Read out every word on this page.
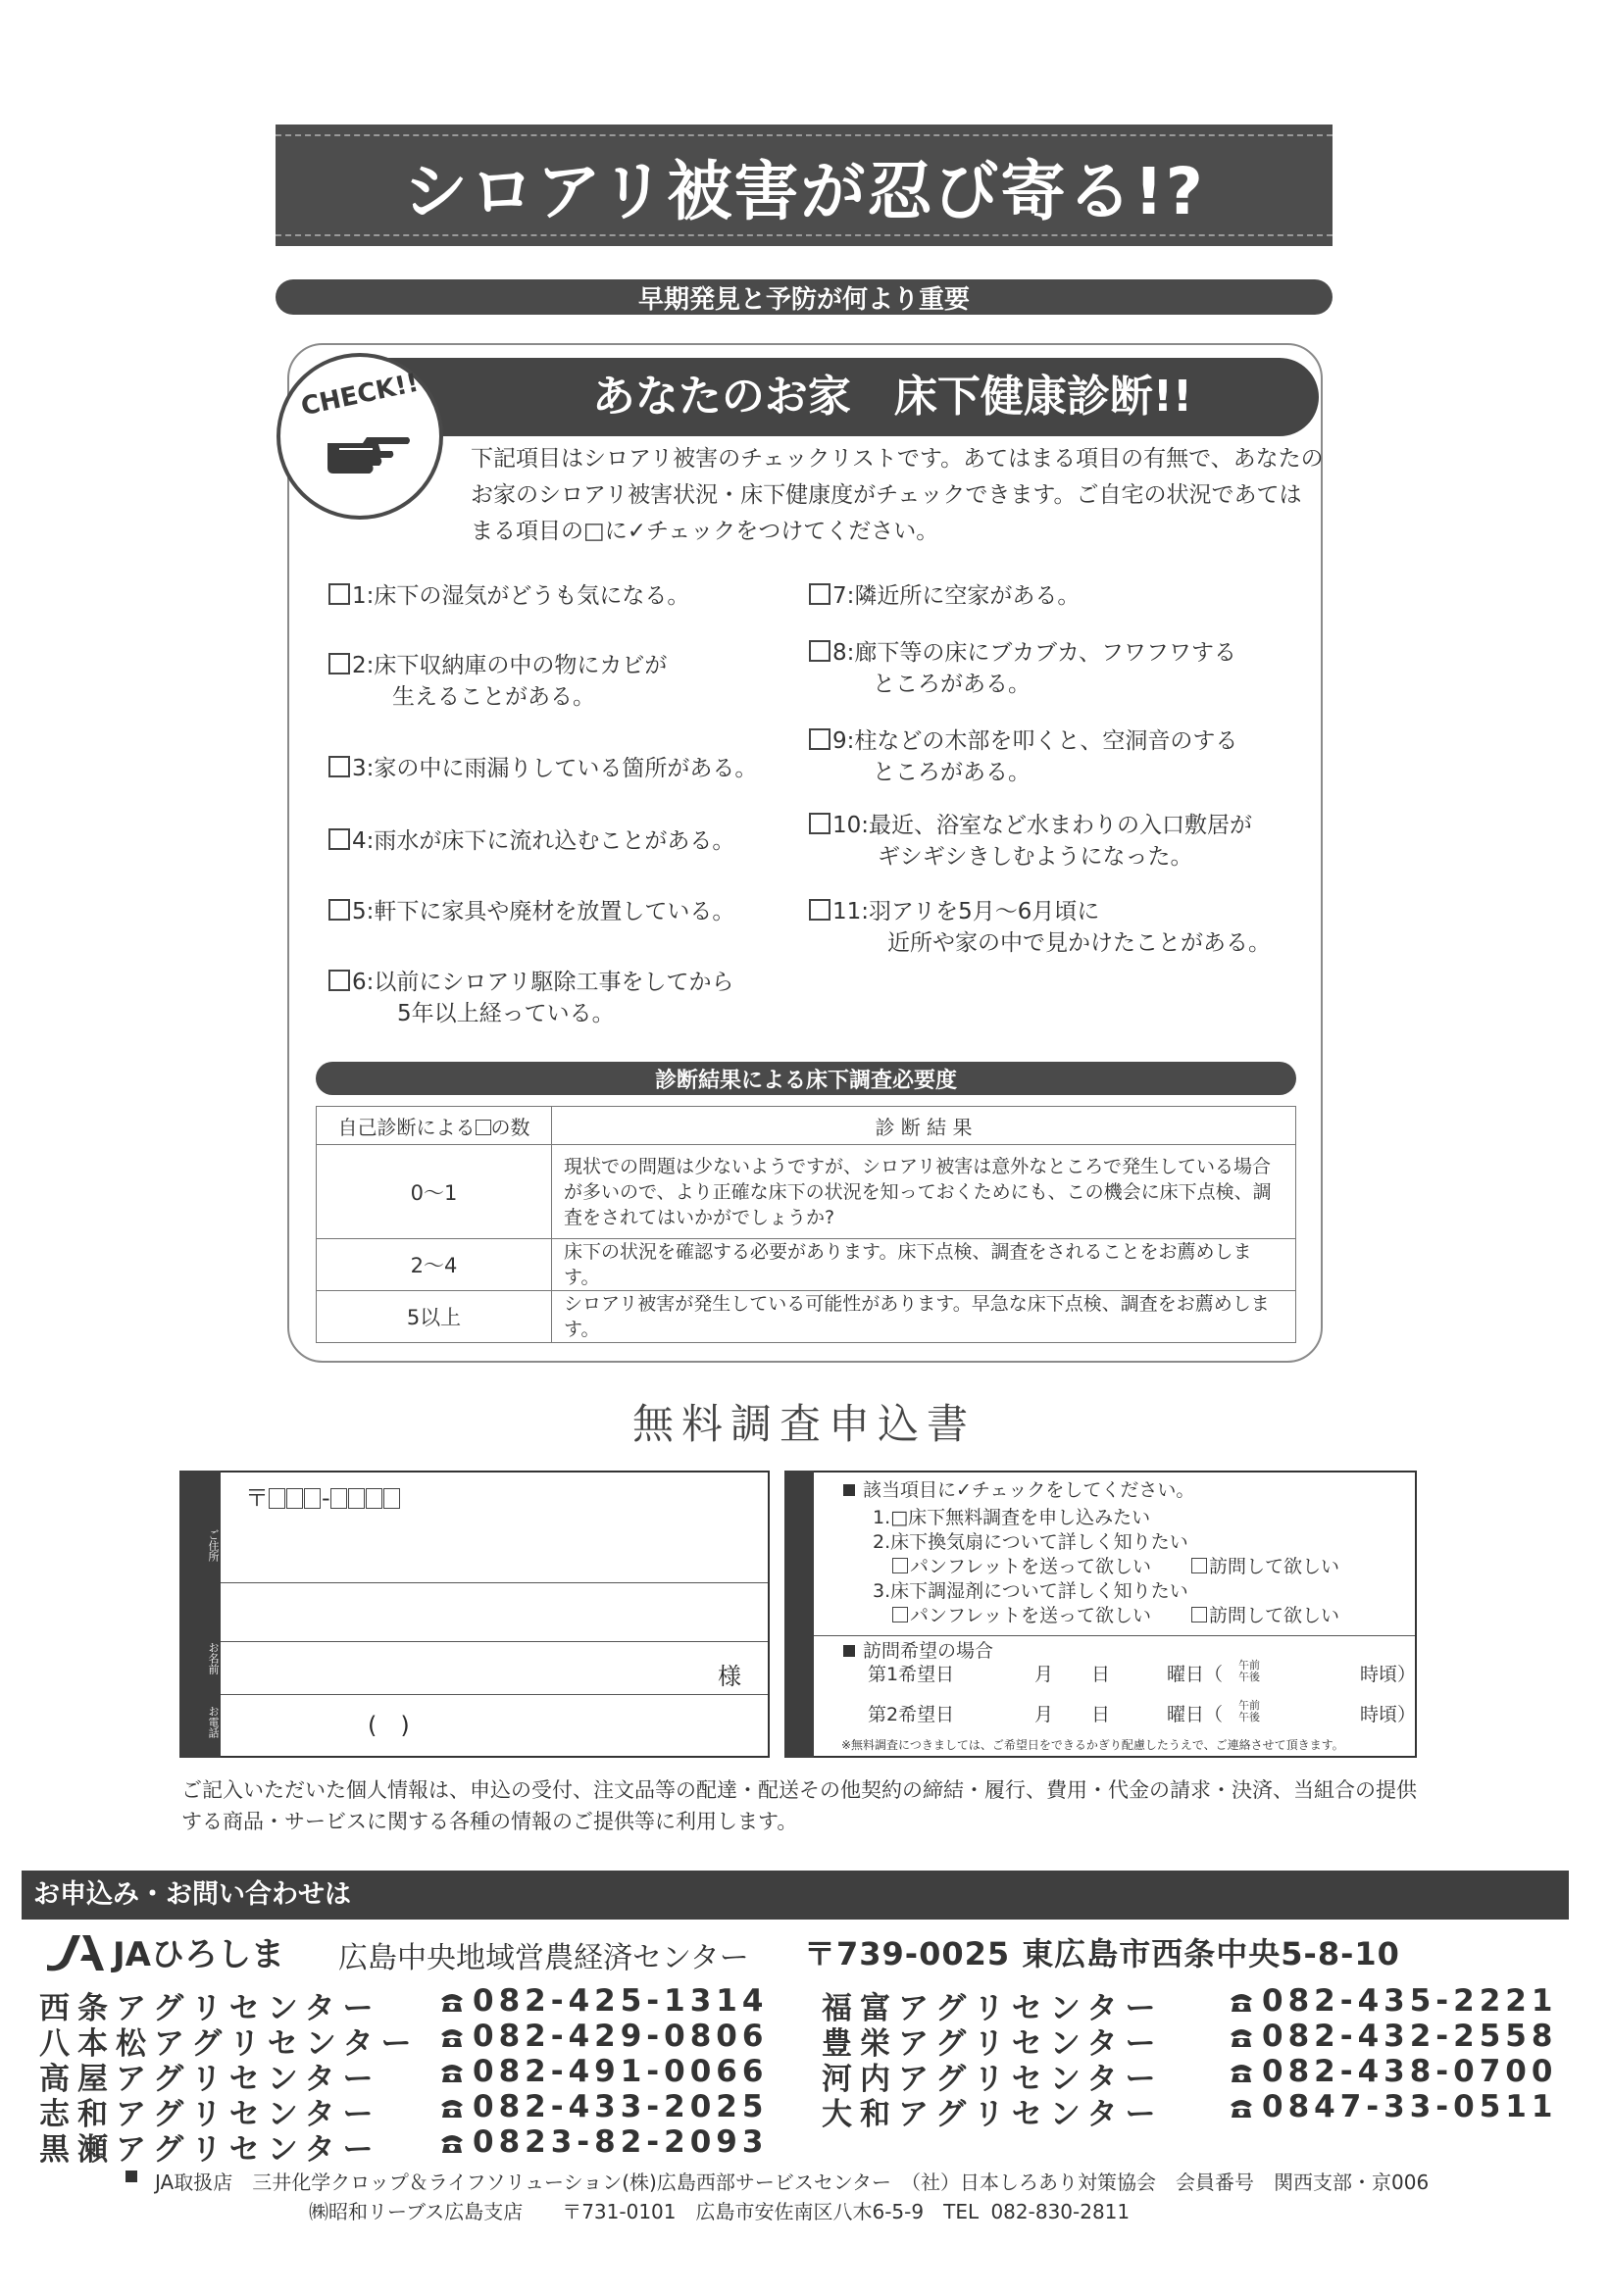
シロアリ被害が忍び寄る!?
早期発見と予防が何より重要
あなたのお家　床下健康診断!!
CHECK!!
下記項目はシロアリ被害のチェックリストです。あてはまる項目の有無で、あなたのお家のシロアリ被害状況・床下健康度がチェックできます。ご自宅の状況であてはまる項目の□に✓チェックをつけてください。
1:床下の湿気がどうも気になる。
2:床下収納庫の中の物にカビが
生えることがある。
3:家の中に雨漏りしている箇所がある。
4:雨水が床下に流れ込むことがある。
5:軒下に家具や廃材を放置している。
6:以前にシロアリ駆除工事をしてから
5年以上経っている。
7:隣近所に空家がある。
8:廊下等の床にブカブカ、フワフワする
ところがある。
9:柱などの木部を叩くと、空洞音のする
ところがある。
10:最近、浴室など水まわりの入口敷居が
ギシギシきしむようになった。
11:羽アリを5月〜6月頃に
近所や家の中で見かけたことがある。
診断結果による床下調査必要度
自己診断による の数	診 断 結 果
0〜1	現状での問題は少ないようですが、シロアリ被害は意外なところで発生している場合が多いので、より正確な床下の状況を知っておくためにも、この機会に床下点検、調査をされてはいかがでしょうか?
2〜4	床下の状況を確認する必要があります。床下点検、調査をされることをお薦めします。
5以上	シロアリ被害が発生している可能性があります。早急な床下点検、調査をお薦めします。
無料調査申込書
ご住所
お名前
お電話
〒 -
様
(　)
該当項目に✓チェックをしてください。
1.□床下無料調査を申し込みたい
2.床下換気扇について詳しく知りたい
パンフレットを送って欲しい	訪問して欲しい
3.床下調湿剤について詳しく知りたい
パンフレットを送って欲しい	訪問して欲しい
訪問希望の場合
第1希望日	月 日	曜日（ 午前
午後	時頃）
第2希望日	月 日	曜日（ 午前
午後	時頃）
※無料調査につきましては、ご希望日をできるかぎり配慮したうえで、ご連絡させて頂きます。
ご記入いただいた個人情報は、申込の受付、注文品等の配達・配送その他契約の締結・履行、費用・代金の請求・決済、当組合の提供する商品・サービスに関する各種の情報のご提供等に利用します。
お申込み・お問い合わせは
JAひろしま 広島中央地域営農経済センター 〒739-0025 東広島市西条中央5-8-10
西条アグリセンター	082-425-1314
八本松アグリセンター	082-429-0806
高屋アグリセンター	082-491-0066
志和アグリセンター	082-433-2025
黒瀬アグリセンター	0823-82-2093
福富アグリセンター	082-435-2221
豊栄アグリセンター	082-432-2558
河内アグリセンター	082-438-0700
大和アグリセンター	0847-33-0511
JA取扱店　三井化学クロップ＆ライフソリューション(株)広島西部サービスセンター　（社）日本しろあり対策協会　会員番号　関西支部・京006
㈱昭和リーブス広島支店　　〒731-0101　広島市安佐南区八木6-5-9　TEL 082-830-2811
